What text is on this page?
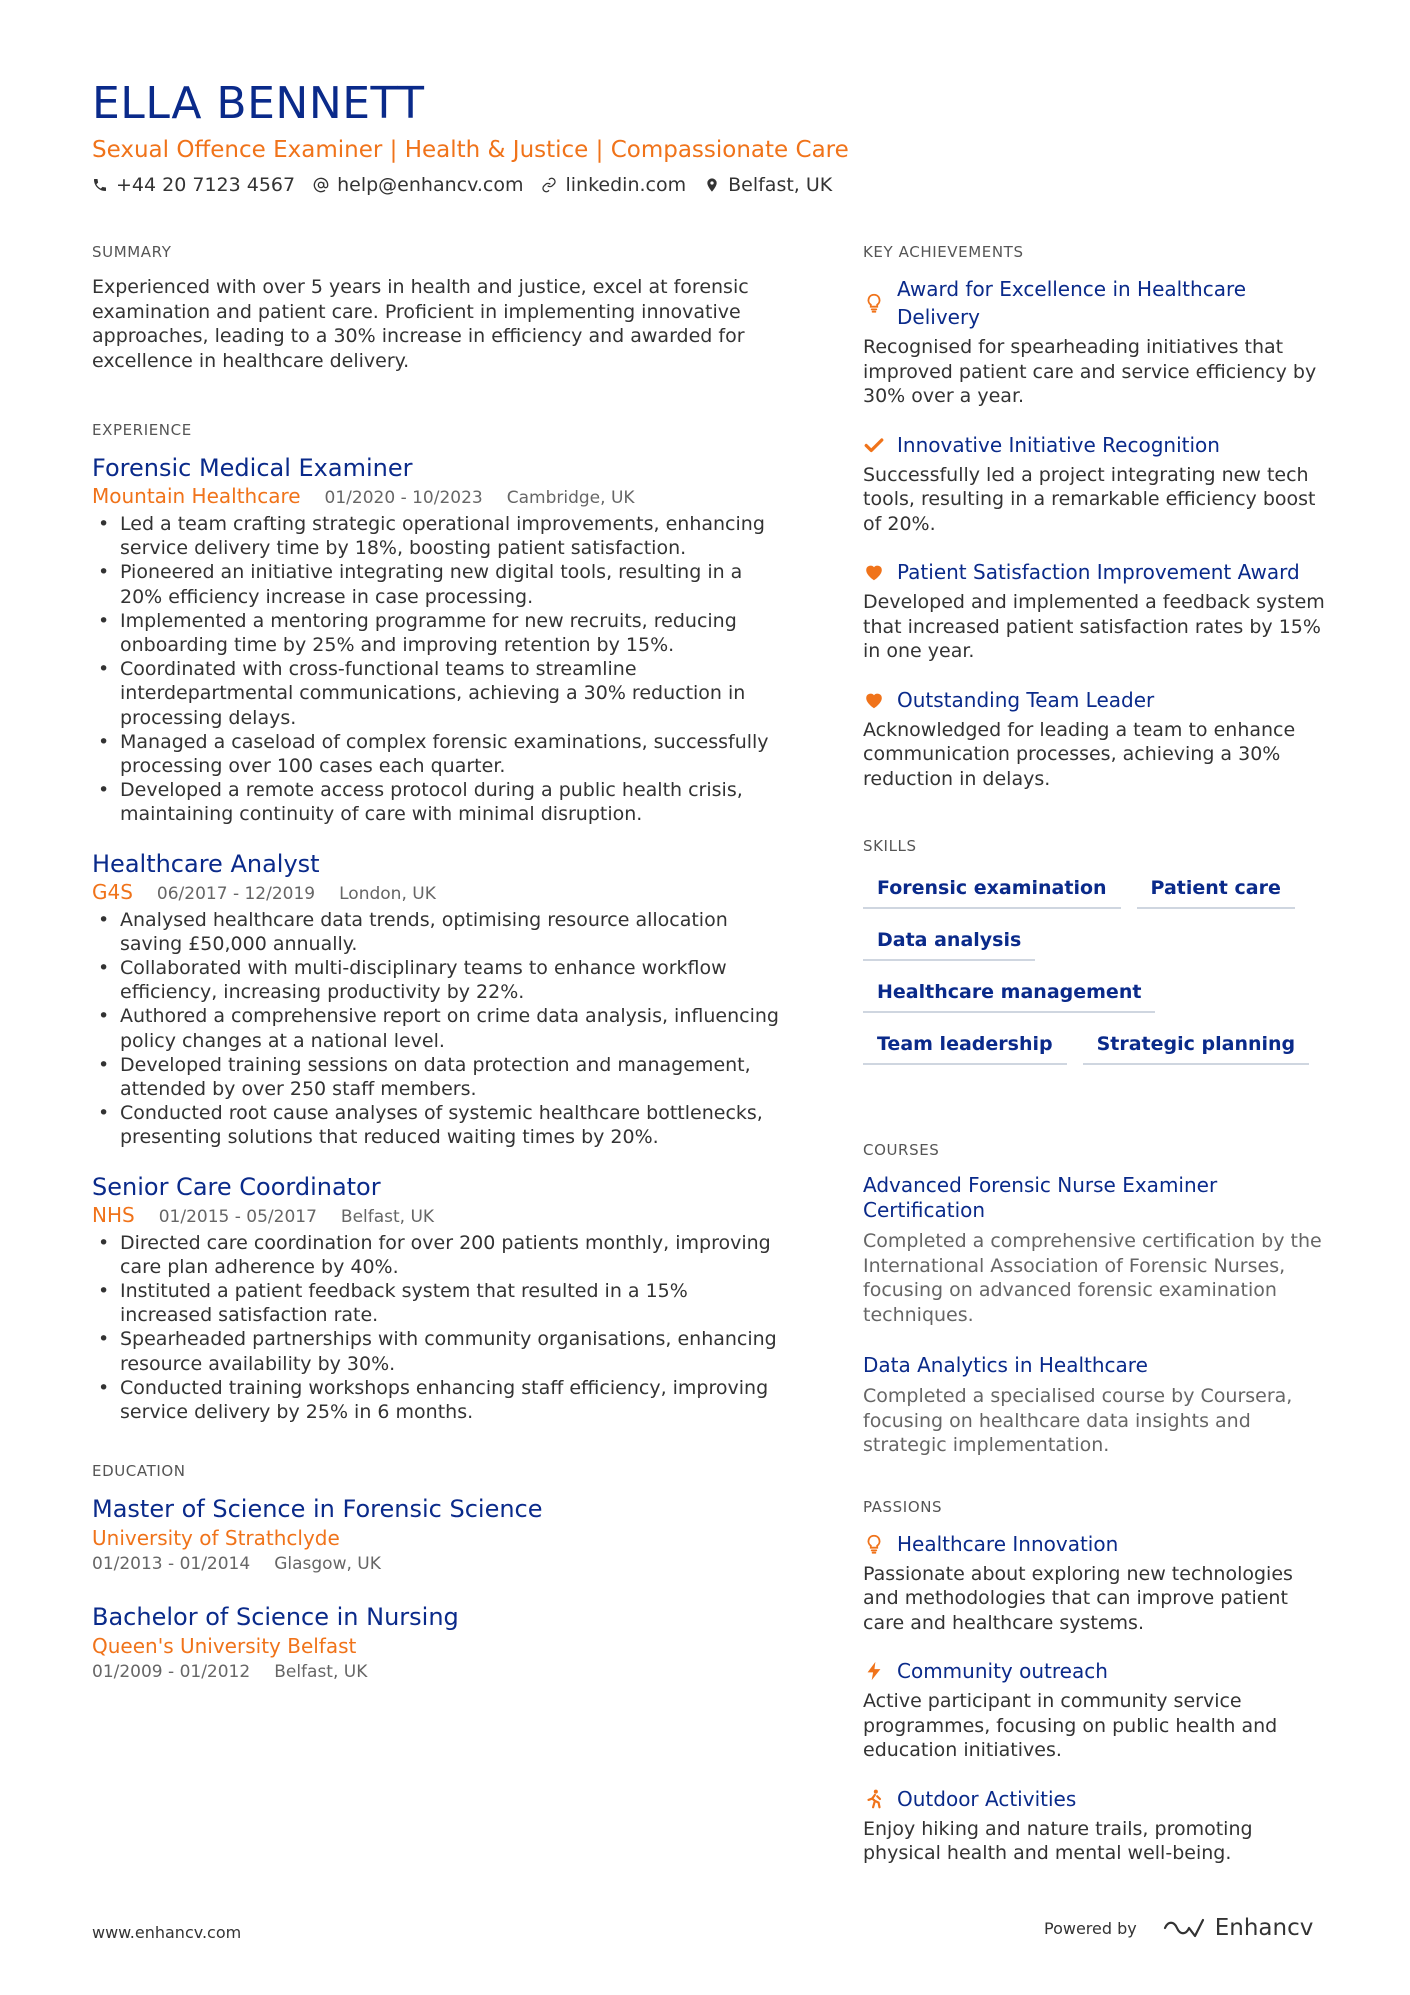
ELLA BENNETT
Sexual Offence Examiner | Health & Justice | Compassionate Care
+44 20 7123 4567 help@enhancv.com linkedin.com Belfast, UK
SUMMARY
Experienced with over 5 years in health and justice, excel at forensic examination and patient care. Proficient in implementing innovative approaches, leading to a 30% increase in efficiency and awarded for excellence in healthcare delivery.
EXPERIENCE
Forensic Medical Examiner
Mountain Healthcare 01/2020 - 10/2023 Cambridge, UK
• Led a team crafting strategic operational improvements, enhancing service delivery time by 18%, boosting patient satisfaction.
• Pioneered an initiative integrating new digital tools, resulting in a 20% efficiency increase in case processing.
• Implemented a mentoring programme for new recruits, reducing onboarding time by 25% and improving retention by 15%.
• Coordinated with cross-functional teams to streamline interdepartmental communications, achieving a 30% reduction in processing delays.
• Managed a caseload of complex forensic examinations, successfully processing over 100 cases each quarter.
• Developed a remote access protocol during a public health crisis, maintaining continuity of care with minimal disruption.
Healthcare Analyst
G4S 06/2017 - 12/2019 London, UK
• Analysed healthcare data trends, optimising resource allocation saving £50,000 annually.
• Collaborated with multi-disciplinary teams to enhance workflow efficiency, increasing productivity by 22%.
• Authored a comprehensive report on crime data analysis, influencing policy changes at a national level.
• Developed training sessions on data protection and management, attended by over 250 staff members.
• Conducted root cause analyses of systemic healthcare bottlenecks, presenting solutions that reduced waiting times by 20%.
Senior Care Coordinator
NHS 01/2015 - 05/2017 Belfast, UK
• Directed care coordination for over 200 patients monthly, improving care plan adherence by 40%.
• Instituted a patient feedback system that resulted in a 15% increased satisfaction rate.
• Spearheaded partnerships with community organisations, enhancing resource availability by 30%.
• Conducted training workshops enhancing staff efficiency, improving service delivery by 25% in 6 months.
EDUCATION
Master of Science in Forensic Science
University of Strathclyde
01/2013 - 01/2014 Glasgow, UK
Bachelor of Science in Nursing
Queen's University Belfast
01/2009 - 01/2012 Belfast, UK
KEY ACHIEVEMENTS
Award for Excellence in Healthcare Delivery
Recognised for spearheading initiatives that improved patient care and service efficiency by 30% over a year.
Innovative Initiative Recognition
Successfully led a project integrating new tech tools, resulting in a remarkable efficiency boost of 20%.
Patient Satisfaction Improvement Award
Developed and implemented a feedback system that increased patient satisfaction rates by 15% in one year.
Outstanding Team Leader
Acknowledged for leading a team to enhance communication processes, achieving a 30% reduction in delays.
SKILLS
Forensic examination	Patient care
Data analysis
Healthcare management
Team leadership	Strategic planning
COURSES
Advanced Forensic Nurse Examiner Certification
Completed a comprehensive certification by the International Association of Forensic Nurses, focusing on advanced forensic examination techniques.
Data Analytics in Healthcare
Completed a specialised course by Coursera, focusing on healthcare data insights and strategic implementation.
PASSIONS
Healthcare Innovation
Passionate about exploring new technologies and methodologies that can improve patient care and healthcare systems.
Community outreach
Active participant in community service programmes, focusing on public health and education initiatives.
Outdoor Activities
Enjoy hiking and nature trails, promoting physical health and mental well-being.
www.enhancv.com	Powered by	Enhancv
